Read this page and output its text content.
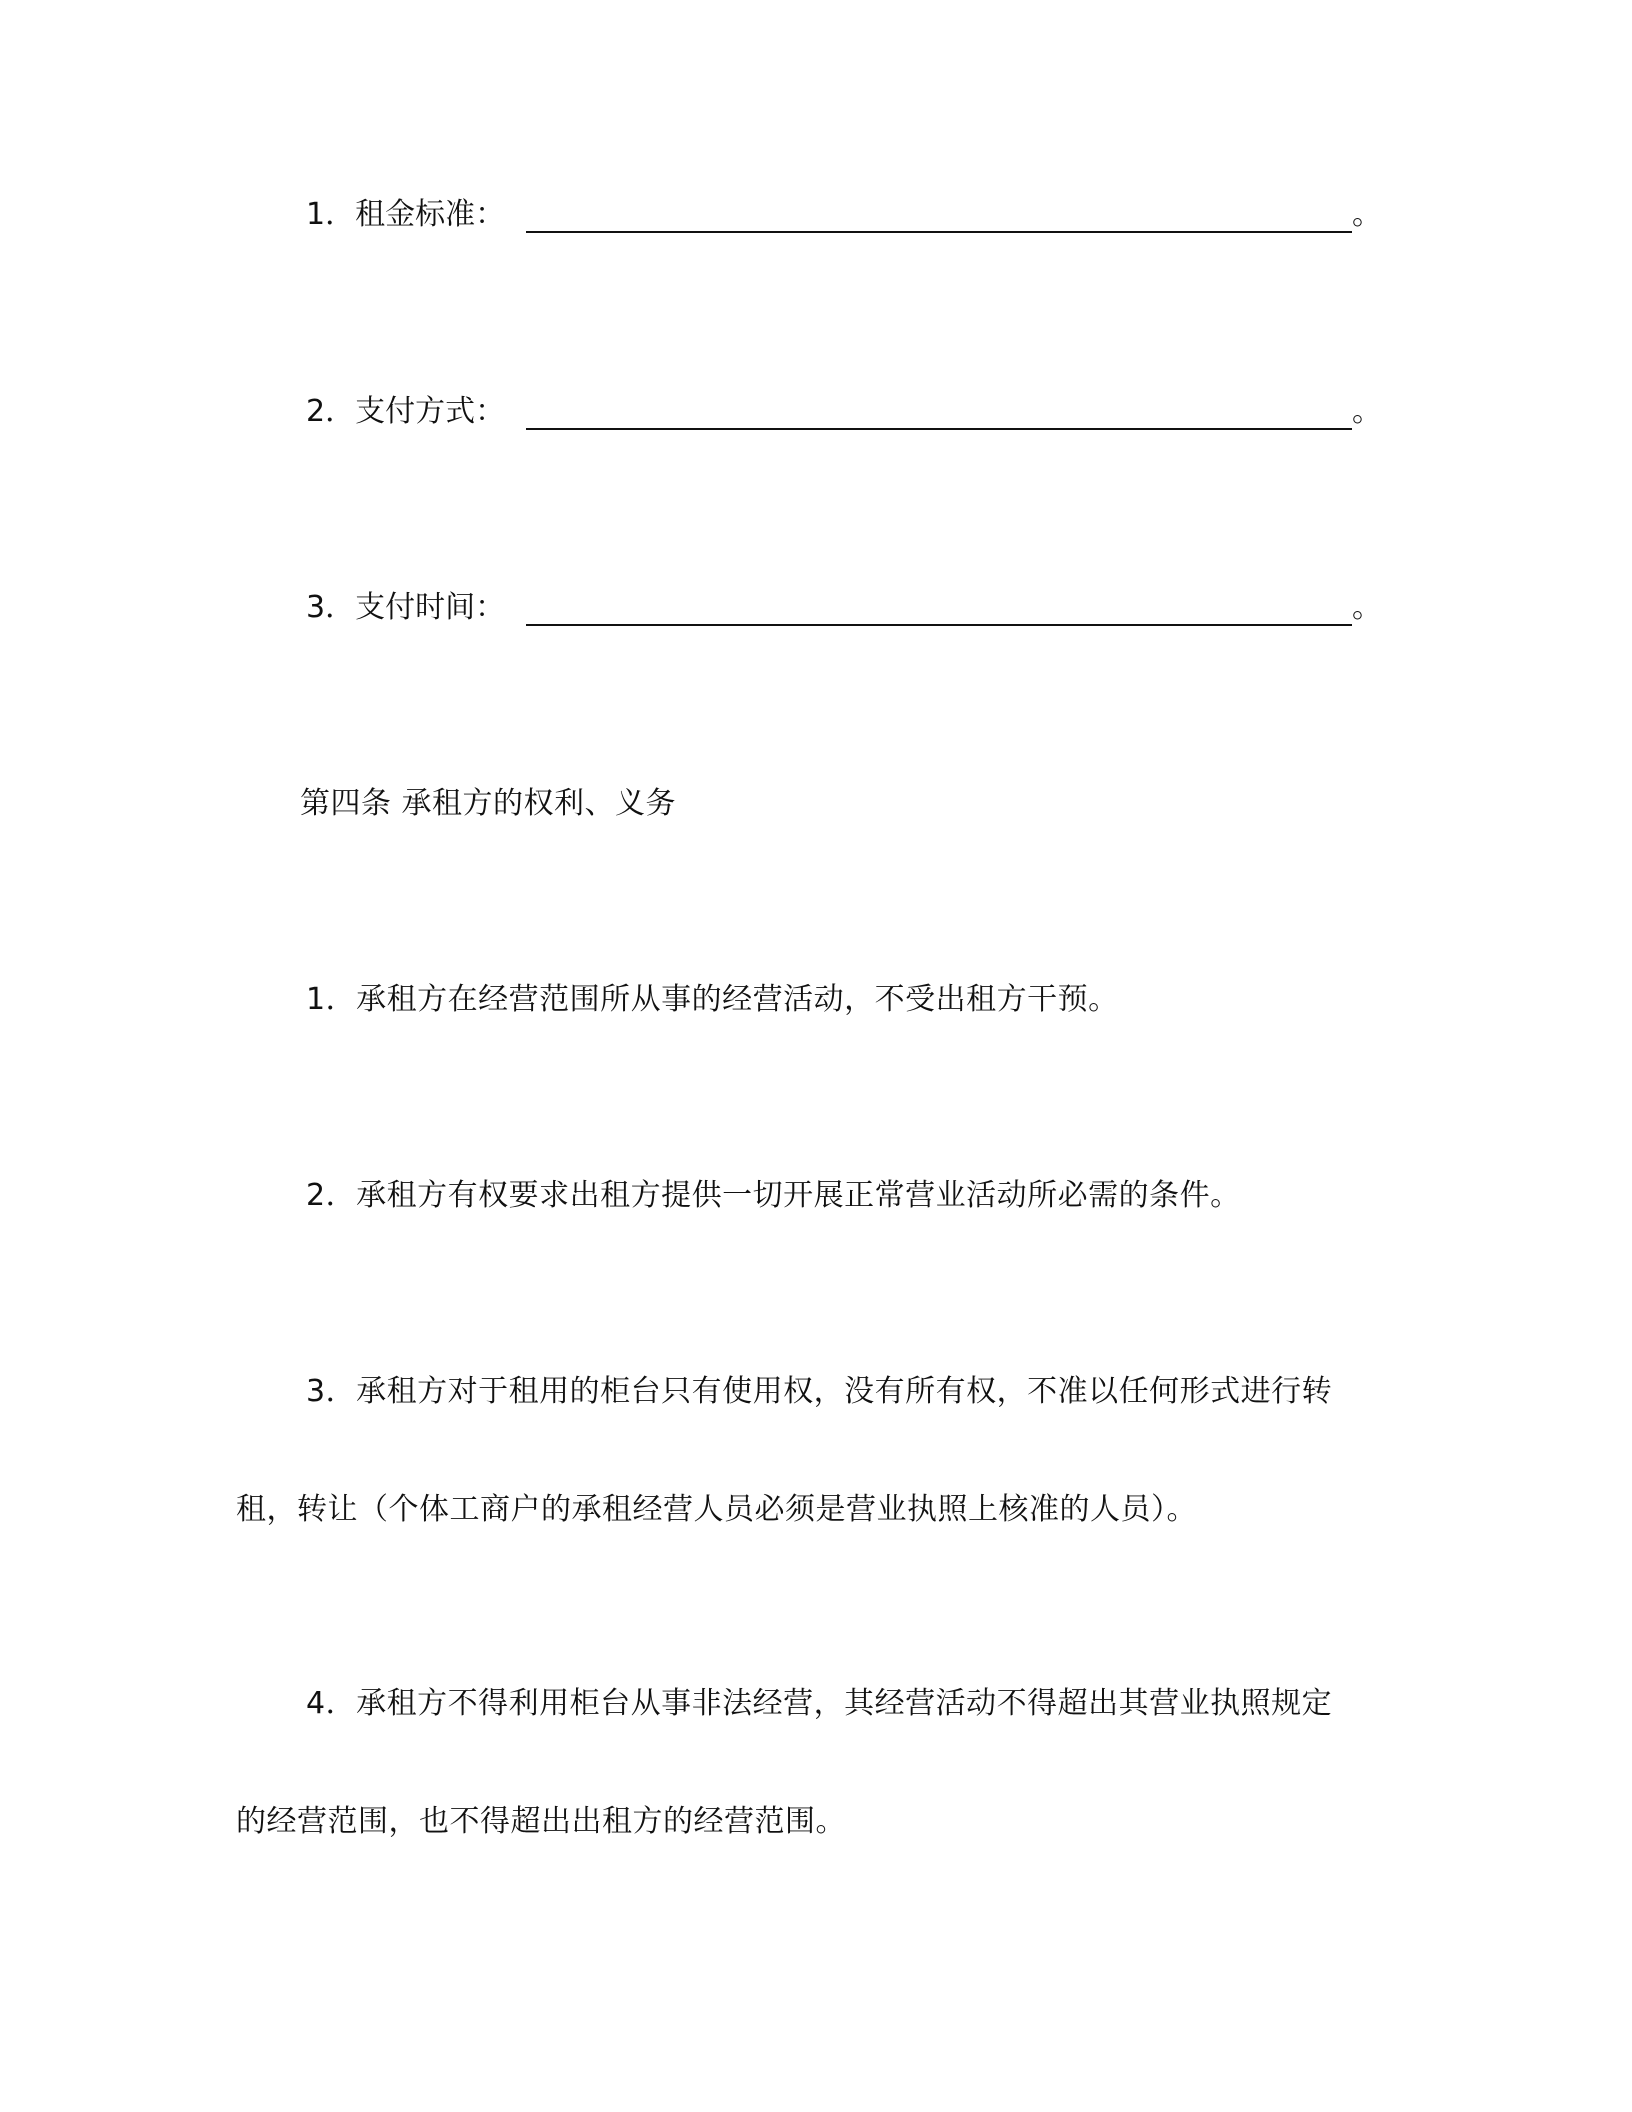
1．租金标准：	。
2．支付方式：	。
3．支付时间：	。
第四条 承租方的权利、义务
1．承租方在经营范围所从事的经营活动，不受出租方干预。
2．承租方有权要求出租方提供一切开展正常营业活动所必需的条件。
3．承租方对于租用的柜台只有使用权，没有所有权，不准以任何形式进行转
租，转让（个体工商户的承租经营人员必须是营业执照上核准的人员）。
4．承租方不得利用柜台从事非法经营，其经营活动不得超出其营业执照规定
的经营范围，也不得超出出租方的经营范围。
